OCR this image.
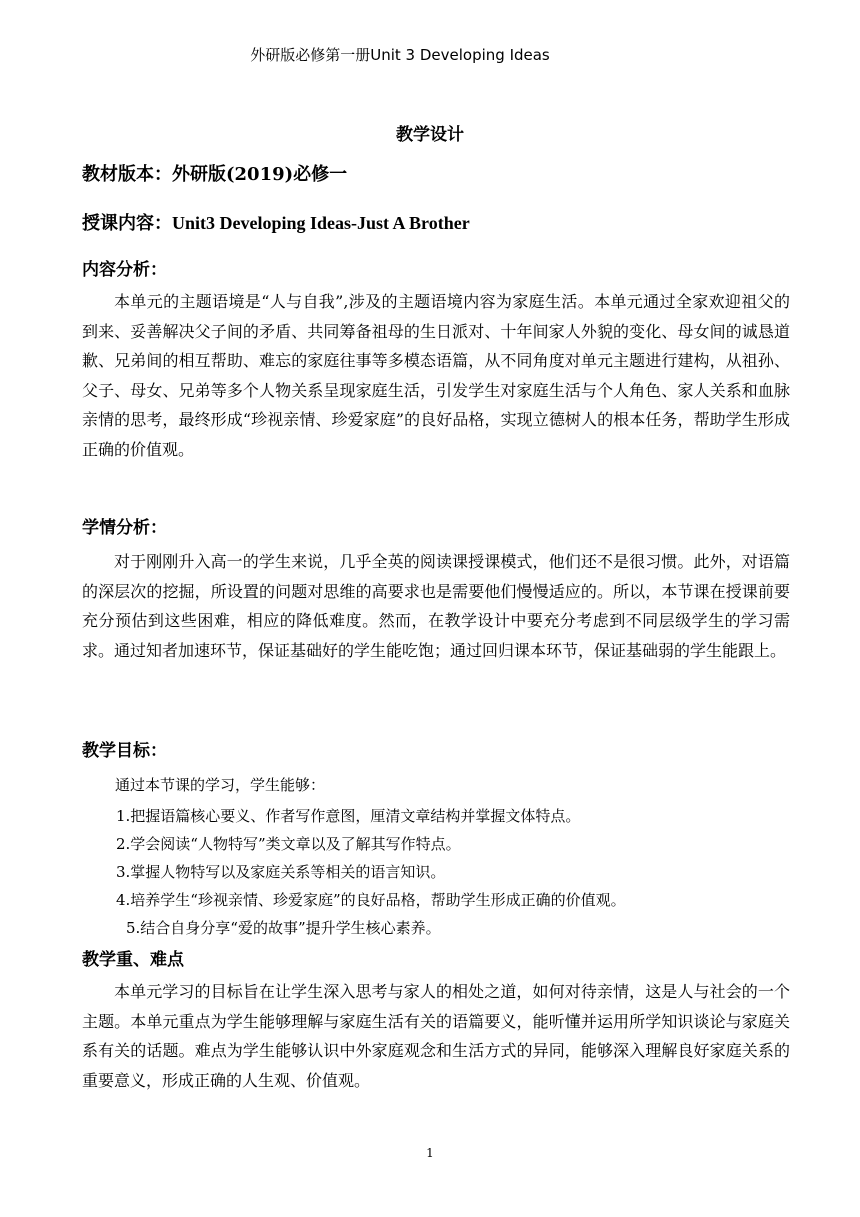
外研版必修第一册Unit 3 Developing Ideas
教学设计
教材版本：外研版(2019)必修一
授课内容：Unit3 Developing Ideas-Just A Brother
内容分析：

本单元的主题语境是“人与自我”,涉及的主题语境内容为家庭生活。本单元通过全家欢迎祖父的到来、妥善解决父子间的矛盾、共同筹备祖母的生日派对、十年间家人外貌的变化、母女间的诚恳道歉、兄弟间的相互帮助、难忘的家庭往事等多模态语篇，从不同角度对单元主题进行建构，从祖孙、父子、母女、兄弟等多个人物关系呈现家庭生活，引发学生对家庭生活与个人角色、家人关系和血脉亲情的思考，最终形成“珍视亲情、珍爱家庭”的良好品格，实现立德树人的根本任务，帮助学生形成正确的价值观。

学情分析：

对于刚刚升入高一的学生来说，几乎全英的阅读课授课模式，他们还不是很习惯。此外，对语篇的深层次的挖掘，所设置的问题对思维的高要求也是需要他们慢慢适应的。所以，本节课在授课前要充分预估到这些困难，相应的降低难度。然而，在教学设计中要充分考虑到不同层级学生的学习需求。通过知者加速环节，保证基础好的学生能吃饱；通过回归课本环节，保证基础弱的学生能跟上。

教学目标：
通过本节课的学习，学生能够：
1.把握语篇核心要义、作者写作意图，厘清文章结构并掌握文体特点。
2.学会阅读“人物特写”类文章以及了解其写作特点。
3.掌握人物特写以及家庭关系等相关的语言知识。
4.培养学生“珍视亲情、珍爱家庭”的良好品格，帮助学生形成正确的价值观。
5.结合自身分享“爱的故事”提升学生核心素养。
教学重、难点

本单元学习的目标旨在让学生深入思考与家人的相处之道，如何对待亲情，这是人与社会的一个主题。本单元重点为学生能够理解与家庭生活有关的语篇要义，能听懂并运用所学知识谈论与家庭关系有关的话题。难点为学生能够认识中外家庭观念和生活方式的异同，能够深入理解良好家庭关系的重要意义，形成正确的人生观、价值观。

1
